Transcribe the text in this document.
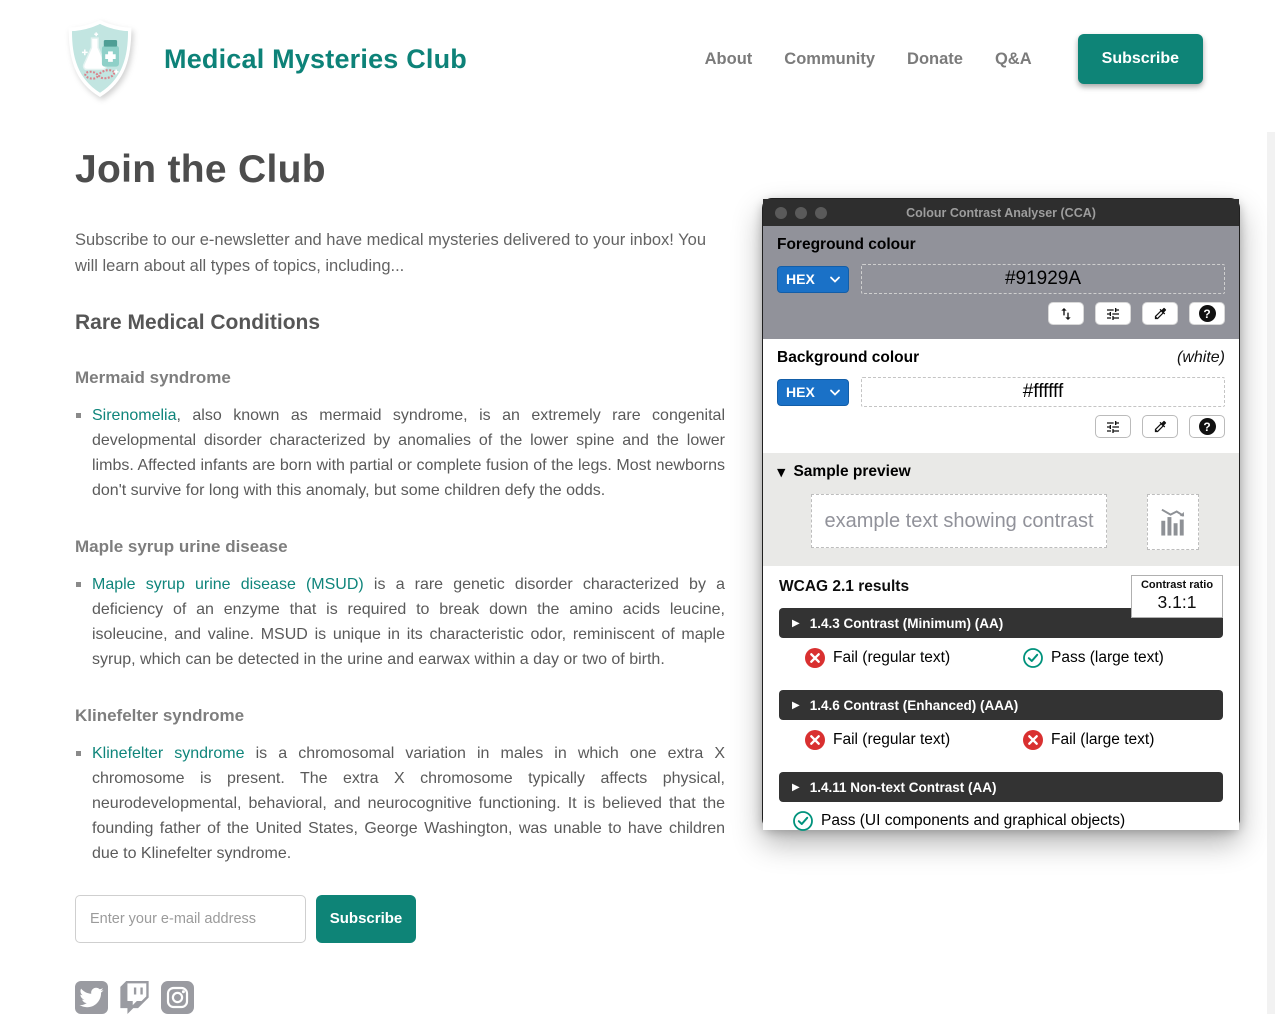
Medical Mysteries Club	About Community Donate Q&A	Subscribe
Join the Club

Subscribe to our e-newsletter and have medical mysteries delivered to your inbox! You will learn about all types of topics, including...

Rare Medical Conditions
Mermaid syndrome
Sirenomelia, also known as mermaid syndrome, is an extremely rare congenital developmental disorder characterized by anomalies of the lower spine and the lower limbs. Affected infants are born with partial or complete fusion of the legs. Most newborns don't survive for long with this anomaly, but some children defy the odds.
Maple syrup urine disease
Maple syrup urine disease (MSUD) is a rare genetic disorder characterized by a deficiency of an enzyme that is required to break down the amino acids leucine, isoleucine, and valine. MSUD is unique in its characteristic odor, reminiscent of maple syrup, which can be detected in the urine and earwax within a day or two of birth.
Klinefelter syndrome
Klinefelter syndrome is a chromosomal variation in males in which one extra X chromosome is present. The extra X chromosome typically affects physical, neurodevelopmental, behavioral, and neurocognitive functioning. It is believed that the founding father of the United States, George Washington, was unable to have children due to Klinefelter syndrome.
Enter your e-mail address
Subscribe
Colour Contrast Analyser (CCA)
Foreground colour
HEX	#91929A
?
Background colour	(white)
HEX	#ffffff
?
▼ Sample preview
example text showing contrast
WCAG 2.1 results	Contrast ratio
3.1:1
▶ 1.4.3 Contrast (Minimum) (AA)
Fail (regular text)	Pass (large text)
▶ 1.4.6 Contrast (Enhanced) (AAA)
Fail (regular text)	Fail (large text)
▶ 1.4.11 Non-text Contrast (AA)
Pass (UI components and graphical objects)
